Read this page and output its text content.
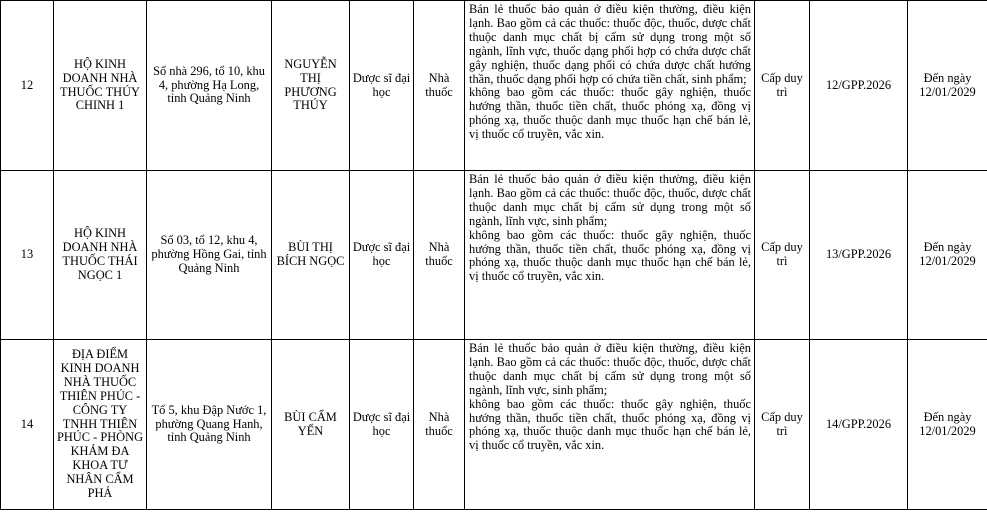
12	HỘ KINH DOANH NHÀ THUỐC THÚY CHINH 1	Số nhà 296, tổ 10, khu 4, phường Hạ Long, tỉnh Quảng Ninh	NGUYỄN THỊ PHƯƠNG THÚY	Dược sĩ đại học	Nhà thuốc	Bán lẻ thuốc bảo quản ở điều kiện thường, điều kiện lạnh. Bao gồm cả các thuốc: thuốc độc, thuốc, dược chất thuộc danh mục chất bị cấm sử dụng trong một số ngành, lĩnh vực, thuốc dạng phối hợp có chứa dược chất gây nghiện, thuốc dạng phối có chứa dược chất hướng thần, thuốc dạng phối hợp có chứa tiền chất, sinh phẩm;
không bao gồm các thuốc: thuốc gây nghiện, thuốc hướng thần, thuốc tiền chất, thuốc phóng xạ, đồng vị phóng xạ, thuốc thuộc danh mục thuốc hạn chế bán lẻ, vị thuốc cổ truyền, vắc xin.	Cấp duy trì	12/GPP.2026	Đến ngày 12/01/2029
13	HỘ KINH DOANH NHÀ THUỐC THÁI NGỌC 1	Số 03, tổ 12, khu 4, phường Hồng Gai, tỉnh Quảng Ninh	BÙI THỊ BÍCH NGỌC	Dược sĩ đại học	Nhà thuốc	Bán lẻ thuốc bảo quản ở điều kiện thường, điều kiện lạnh. Bao gồm cả các thuốc: thuốc độc, thuốc, dược chất thuộc danh mục chất bị cấm sử dụng trong một số ngành, lĩnh vực, sinh phẩm;
không bao gồm các thuốc: thuốc gây nghiện, thuốc hướng thần, thuốc tiền chất, thuốc phóng xạ, đồng vị phóng xạ, thuốc thuộc danh mục thuốc hạn chế bán lẻ, vị thuốc cổ truyền, vắc xin.	Cấp duy trì	13/GPP.2026	Đến ngày 12/01/2029
14	ĐỊA ĐIỂM KINH DOANH NHÀ THUỐC THIÊN PHÚC - CÔNG TY TNHH THIÊN PHÚC - PHÒNG KHÁM ĐA KHOA TƯ NHÂN CẨM PHẢ	Tổ 5, khu Đập Nước 1, phường Quang Hanh, tỉnh Quảng Ninh	BÙI CẨM YẾN	Dược sĩ đại học	Nhà thuốc	Bán lẻ thuốc bảo quản ở điều kiện thường, điều kiện lạnh. Bao gồm cả các thuốc: thuốc độc, thuốc, dược chất thuộc danh mục chất bị cấm sử dụng trong một số ngành, lĩnh vực, sinh phẩm;
không bao gồm các thuốc: thuốc gây nghiện, thuốc hướng thần, thuốc tiền chất, thuốc phóng xạ, đồng vị phóng xạ, thuốc thuộc danh mục thuốc hạn chế bán lẻ, vị thuốc cổ truyền, vắc xin.	Cấp duy trì	14/GPP.2026	Đến ngày 12/01/2029
